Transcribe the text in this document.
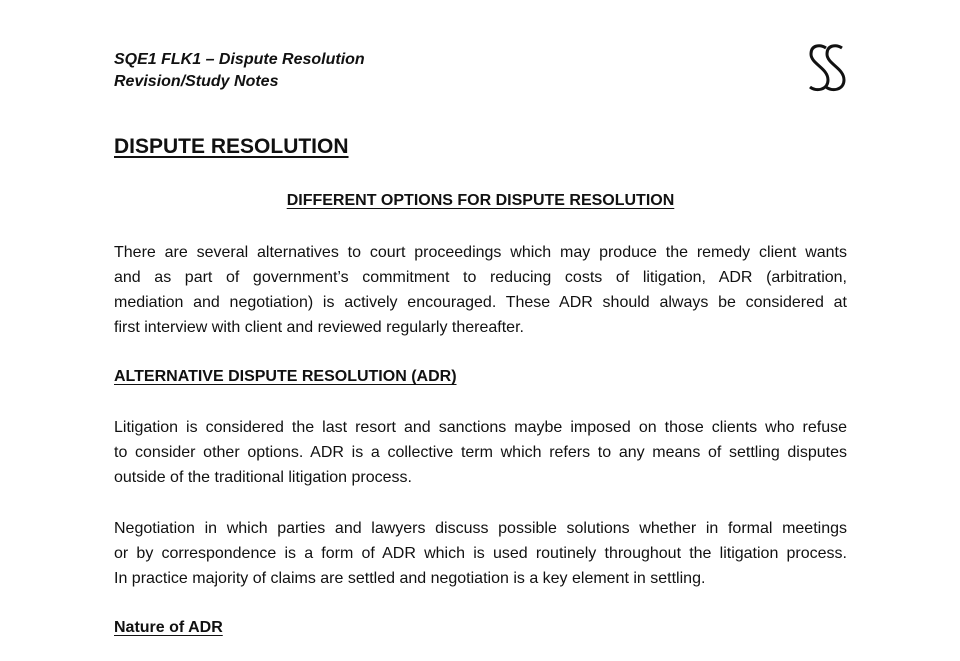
SQE1 FLK1 – Dispute Resolution
Revision/Study Notes
DISPUTE RESOLUTION
DIFFERENT OPTIONS FOR DISPUTE RESOLUTION
There are several alternatives to court proceedings which may produce the remedy client wants
and as part of government’s commitment to reducing costs of litigation, ADR (arbitration,
mediation and negotiation) is actively encouraged. These ADR should always be considered at
first interview with client and reviewed regularly thereafter.
ALTERNATIVE DISPUTE RESOLUTION (ADR)
Litigation is considered the last resort and sanctions maybe imposed on those clients who refuse
to consider other options. ADR is a collective term which refers to any means of settling disputes
outside of the traditional litigation process.
Negotiation in which parties and lawyers discuss possible solutions whether in formal meetings
or by correspondence is a form of ADR which is used routinely throughout the litigation process.
In practice majority of claims are settled and negotiation is a key element in settling.
Nature of ADR
